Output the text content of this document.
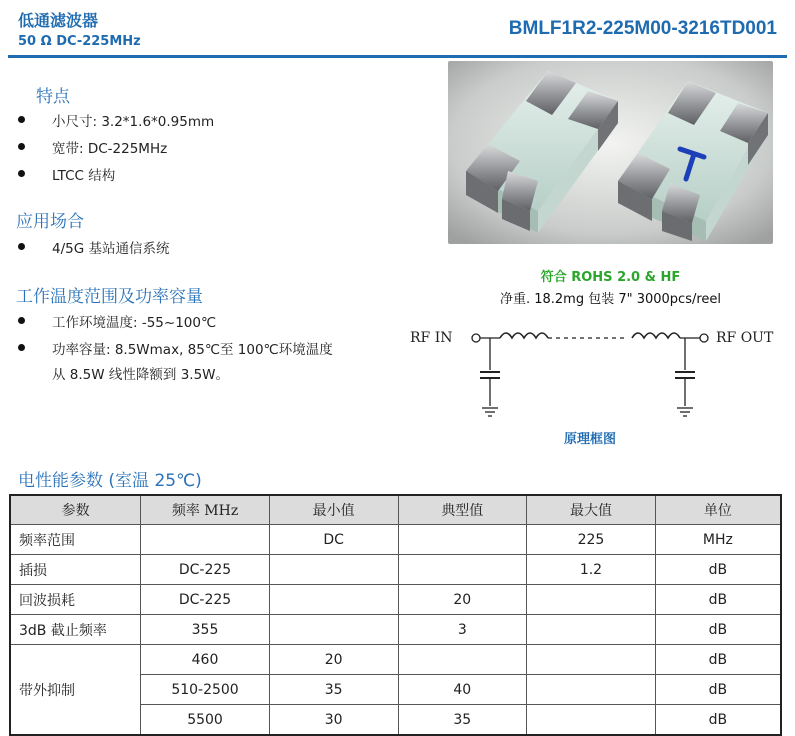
低通滤波器
50 Ω DC-225MHz
BMLF1R2-225M00-3216TD001
特点
小尺寸: 3.2*1.6*0.95mm
宽带: DC-225MHz
LTCC 结构
应用场合
4/5G 基站通信系统
工作温度范围及功率容量
工作环境温度: -55~100℃
功率容量: 8.5Wmax, 85℃至 100℃环境温度
从 8.5W 线性降额到 3.5W。
符合 ROHS 2.0 & HF
净重. 18.2mg 包装 7" 3000pcs/reel
RF IN	RF OUT
原理框图
电性能参数 (室温 25℃)
参数	频率 MHz	最小值	典型值	最大值	单位
频率范围		DC		225	MHz
插损	DC-225			1.2	dB
回波损耗	DC-225		20		dB
3dB 截止频率	355		3		dB
带外抑制	460	20			dB
	510-2500	35	40		dB
	5500	30	35		dB
